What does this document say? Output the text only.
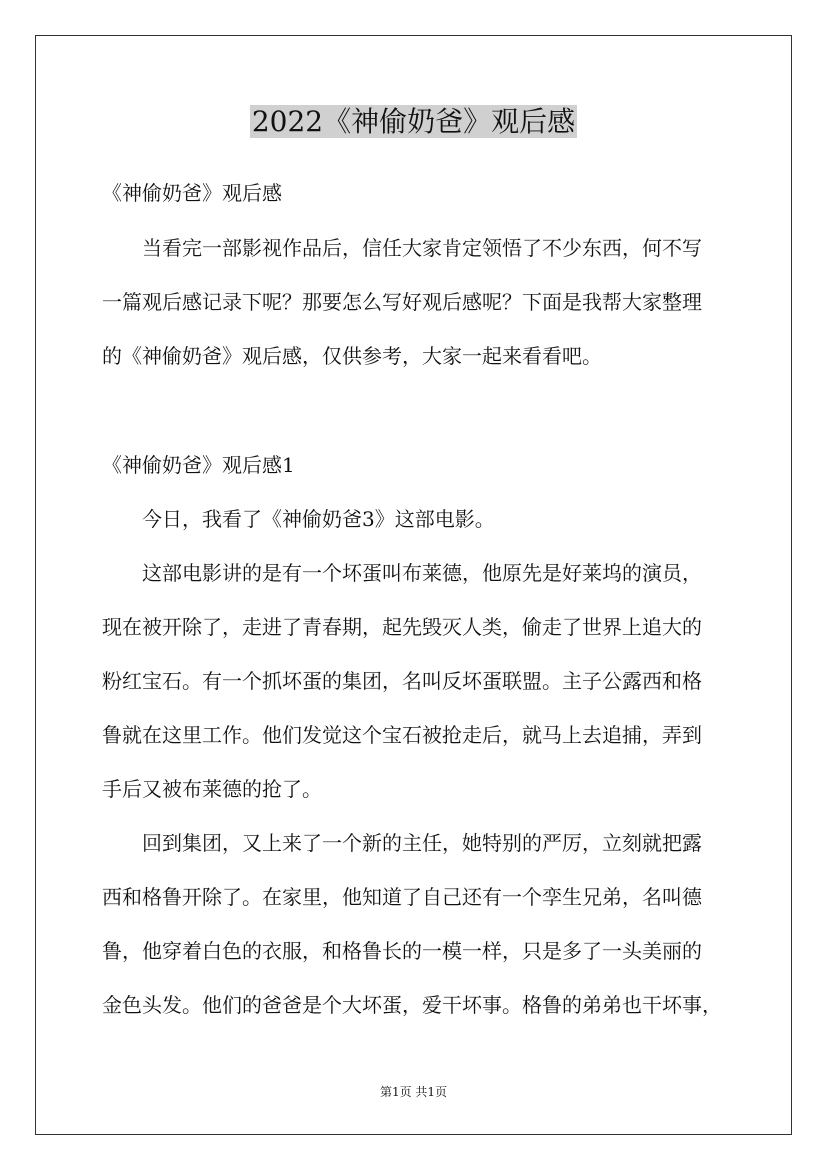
2022《神偷奶爸》观后感

《神偷奶爸》观后感

当看完一部影视作品后，信任大家肯定领悟了不少东西，何不写

一篇观后感记录下呢？那要怎么写好观后感呢？下面是我帮大家整理

的《神偷奶爸》观后感，仅供参考，大家一起来看看吧。

《神偷奶爸》观后感1

今日，我看了《神偷奶爸3》这部电影。

这部电影讲的是有一个坏蛋叫布莱德，他原先是好莱坞的演员，

现在被开除了，走进了青春期，起先毁灭人类，偷走了世界上追大的

粉红宝石。有一个抓坏蛋的集团，名叫反坏蛋联盟。主子公露西和格

鲁就在这里工作。他们发觉这个宝石被抢走后，就马上去追捕，弄到

手后又被布莱德的抢了。

回到集团，又上来了一个新的主任，她特别的严厉，立刻就把露

西和格鲁开除了。在家里，他知道了自己还有一个孪生兄弟，名叫德

鲁，他穿着白色的衣服，和格鲁长的一模一样，只是多了一头美丽的

金色头发。他们的爸爸是个大坏蛋，爱干坏事。格鲁的弟弟也干坏事，

第1页 共1页
